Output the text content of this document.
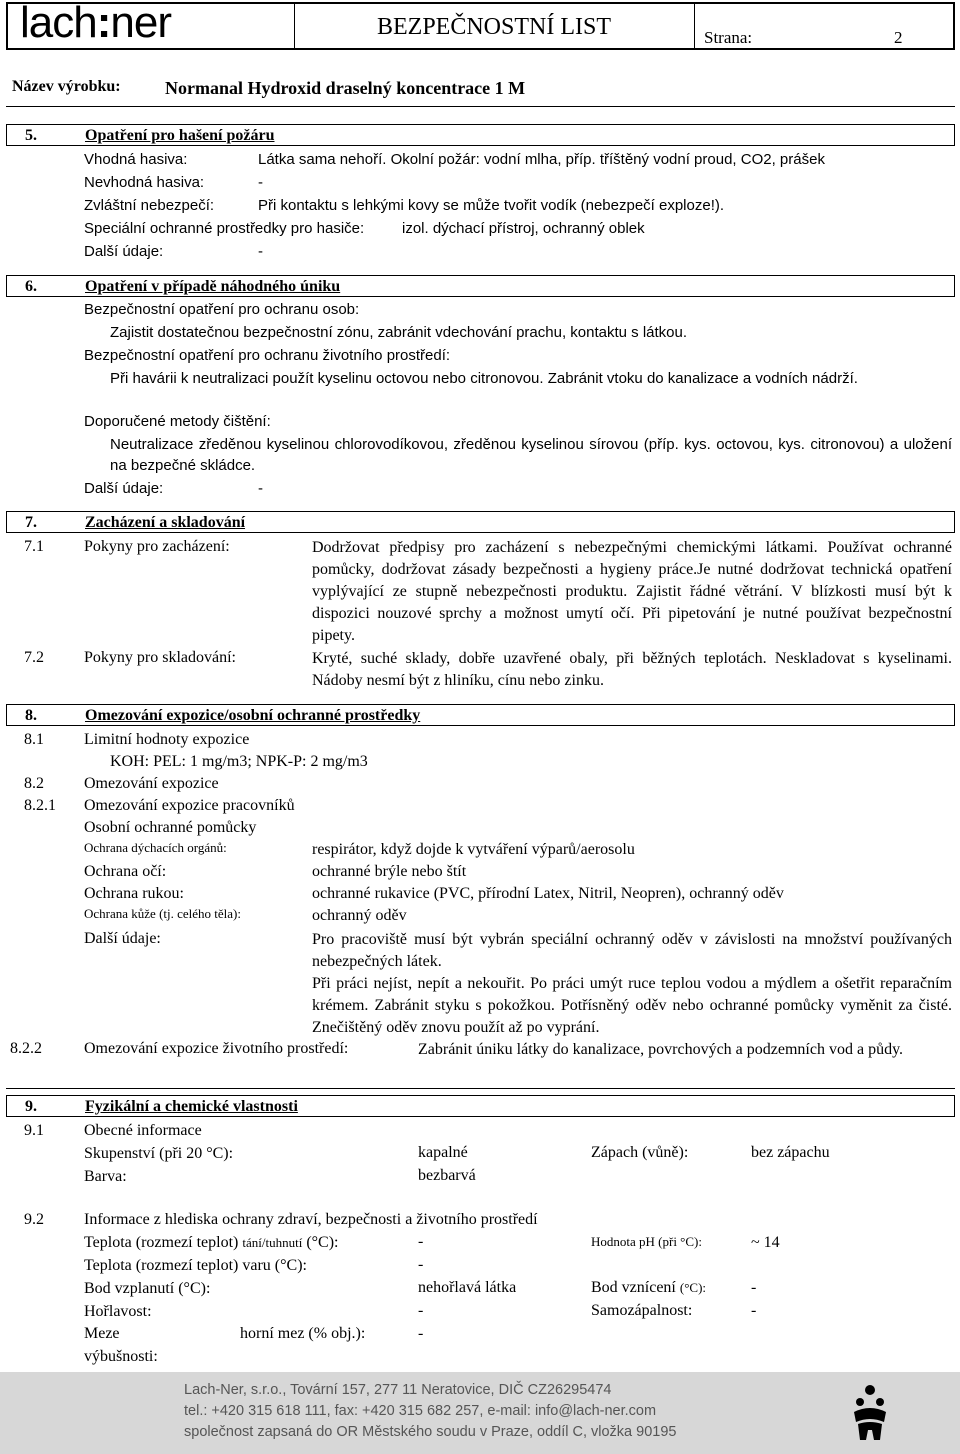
lach:ner	BEZPEČNOSTNÍ LIST	Strana:	2
Název výrobku: Normanal Hydroxid draselný koncentrace 1 M
5.	Opatření pro hašení požáru
Vhodná hasiva:	Látka sama nehoří. Okolní požár: vodní mlha, příp. tříštěný vodní proud, CO2, prášek
Nevhodná hasiva:	-
Zvláštní nebezpečí:	Při kontaktu s lehkými kovy se může tvořit vodík (nebezpečí exploze!).
Speciální ochranné prostředky pro hasiče:	izol. dýchací přístroj, ochranný oblek
Další údaje:	-
6.	Opatření v případě náhodného úniku
Bezpečnostní opatření pro ochranu osob:
Zajistit dostatečnou bezpečnostní zónu, zabránit vdechování prachu, kontaktu s látkou.
Bezpečnostní opatření pro ochranu životního prostředí:
Při havárii k neutralizaci použít kyselinu octovou nebo citronovou. Zabránit vtoku do kanalizace a vodních nádrží.
Doporučené metody čištění:
Neutralizace zředěnou kyselinou chlorovodíkovou, zředěnou kyselinou sírovou (příp. kys. octovou, kys. citronovou) a uložení na bezpečné skládce.
Další údaje:	-
7.	Zacházení a skladování
7.1	Pokyny pro zacházení:	Dodržovat předpisy pro zacházení s nebezpečnými chemickými látkami. Používat ochranné pomůcky, dodržovat zásady bezpečnosti a hygieny práce.Je nutné dodržovat technická opatření vyplývající ze stupně nebezpečnosti produktu. Zajistit řádné větrání. V blízkosti musí být k dispozici nouzové sprchy a možnost umytí očí. Při pipetování je nutné používat bezpečnostní pipety.
7.2	Pokyny pro skladování:	Kryté, suché sklady, dobře uzavřené obaly, při běžných teplotách. Neskladovat s kyselinami. Nádoby nesmí být z hliníku, cínu nebo zinku.
8.	Omezování expozice/osobní ochranné prostředky
8.1	Limitní hodnoty expozice
KOH: PEL: 1 mg/m3; NPK-P: 2 mg/m3
8.2	Omezování expozice
8.2.1 Omezování expozice pracovníků
Osobní ochranné pomůcky
Ochrana dýchacích orgánů:	respirátor, když dojde k vytváření výparů/aerosolu
Ochrana očí:	ochranné brýle nebo štít
Ochrana rukou:	ochranné rukavice (PVC, přírodní Latex, Nitril, Neopren), ochranný oděv
Ochrana kůže (tj. celého těla):	ochranný oděv
Další údaje:	Pro pracoviště musí být vybrán speciální ochranný oděv v závislosti na množství používaných nebezpečných látek.
Při práci nejíst, nepít a nekouřit. Po práci umýt ruce teplou vodou a mýdlem a ošetřit reparačním krémem. Zabránit styku s pokožkou. Potřísněný oděv nebo ochranné pomůcky vyměnit za čisté. Znečištěný oděv znovu použít až po vyprání.
8.2.2	Omezování expozice životního prostředí:	Zabránit úniku látky do kanalizace, povrchových a podzemních vod a půdy.
9.	Fyzikální a chemické vlastnosti
9.1	Obecné informace
Skupenství (při 20 °C):	kapalné	Zápach (vůně):	bez zápachu
Barva:	bezbarvá
9.2	Informace z hlediska ochrany zdraví, bezpečnosti a životního prostředí
Teplota (rozmezí teplot) tání/tuhnutí (°C):	-	Hodnota pH (při °C):	~ 14
Teplota (rozmezí teplot) varu (°C):	-
Bod vzplanutí (°C):	nehořlavá látka	Bod vznícení (°C):	-
Hořlavost:	-	Samozápalnost:	-
Meze	horní mez (% obj.):	-
výbušnosti:
Lach-Ner, s.r.o., Tovární 157, 277 11 Neratovice, DIČ CZ26295474
tel.: +420 315 618 111, fax: +420 315 682 257, e-mail: info@lach-ner.com
společnost zapsaná do OR Městského soudu v Praze, oddíl C, vložka 90195
